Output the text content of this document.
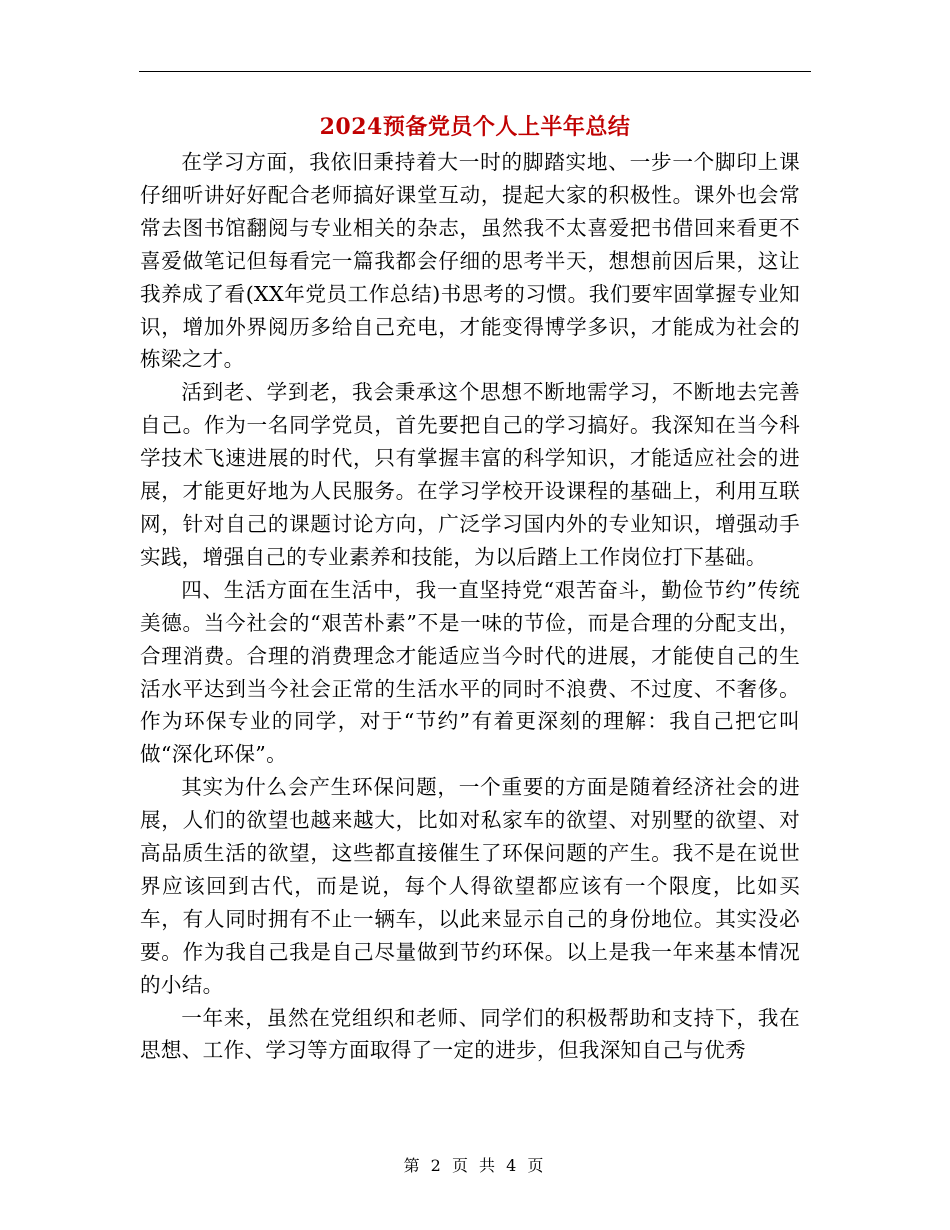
2024预备党员个人上半年总结

在学习方面，我依旧秉持着大一时的脚踏实地、一步一个脚印上课仔细听讲好好配合老师搞好课堂互动，提起大家的积极性。课外也会常常去图书馆翻阅与专业相关的杂志，虽然我不太喜爱把书借回来看更不喜爱做笔记但每看完一篇我都会仔细的思考半天，想想前因后果，这让我养成了看(XX年党员工作总结)书思考的习惯。我们要牢固掌握专业知识，增加外界阅历多给自己充电，才能变得博学多识，才能成为社会的栋梁之才。

活到老、学到老，我会秉承这个思想不断地需学习，不断地去完善自己。作为一名同学党员，首先要把自己的学习搞好。我深知在当今科学技术飞速进展的时代，只有掌握丰富的科学知识，才能适应社会的进展，才能更好地为人民服务。在学习学校开设课程的基础上，利用互联网，针对自己的课题讨论方向，广泛学习国内外的专业知识，增强动手实践，增强自己的专业素养和技能，为以后踏上工作岗位打下基础。

四、生活方面在生活中，我一直坚持党“艰苦奋斗，勤俭节约”传统美德。当今社会的“艰苦朴素”不是一味的节俭，而是合理的分配支出，合理消费。合理的消费理念才能适应当今时代的进展，才能使自己的生活水平达到当今社会正常的生活水平的同时不浪费、不过度、不奢侈。作为环保专业的同学，对于“节约”有着更深刻的理解：我自己把它叫做“深化环保”。

其实为什么会产生环保问题，一个重要的方面是随着经济社会的进展，人们的欲望也越来越大，比如对私家车的欲望、对别墅的欲望、对高品质生活的欲望，这些都直接催生了环保问题的产生。我不是在说世界应该回到古代，而是说，每个人得欲望都应该有一个限度，比如买车，有人同时拥有不止一辆车，以此来显示自己的身份地位。其实没必要。作为我自己我是自己尽量做到节约环保。以上是我一年来基本情况的小结。

一年来，虽然在党组织和老师、同学们的积极帮助和支持下，我在思想、工作、学习等方面取得了一定的进步，但我深知自己与优秀

第 2 页 共 4 页
